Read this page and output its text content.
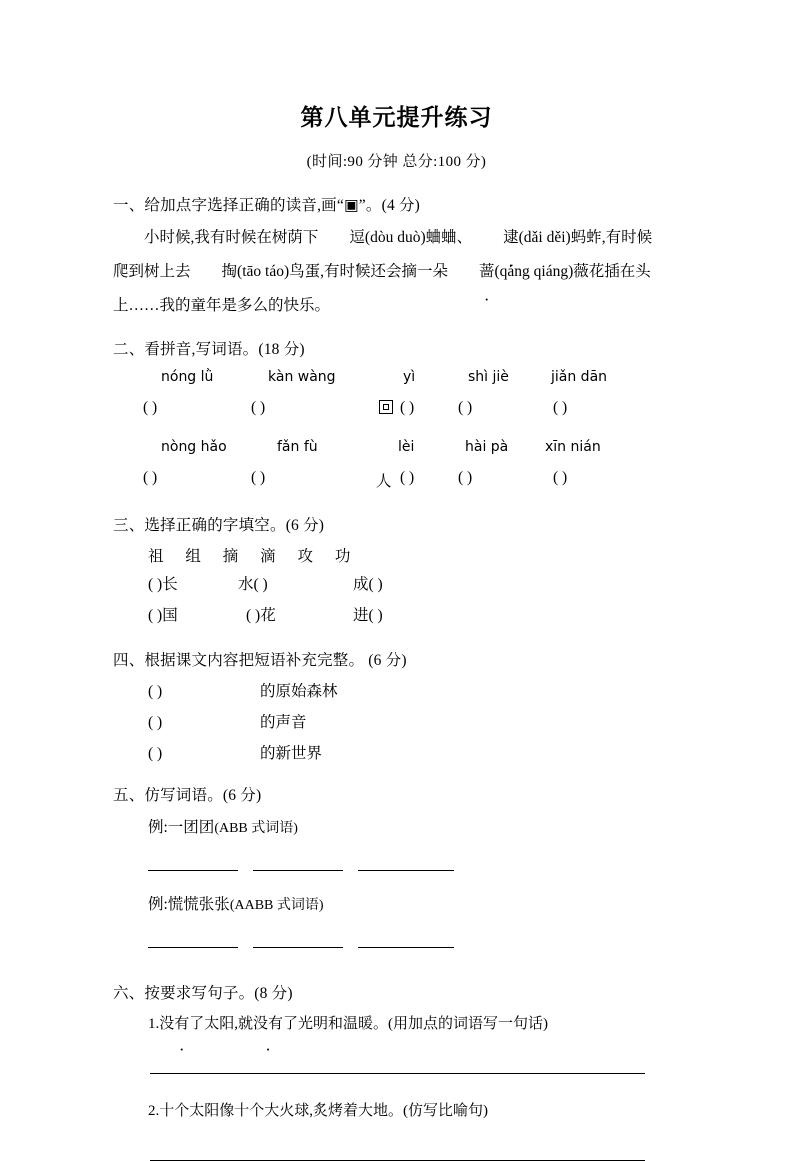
第八单元提升练习
(时间:90 分钟 总分:100 分)
一、给加点字选择正确的读音,画“▣”。(4 分)
小时候,我有时候在树荫下 逗(dòu duò)蛐蛐、 逮(dǎi děi)蚂蚱,有时候爬到树上去 掏(tāo táo)鸟蛋,有时候还会摘一朵 蔷(qáng qiáng)薇花插在头上……我的童年是多么的快乐。
二、看拼音,写词语。(18 分)
nóng lǜ	kàn wàng	yì	shì jiè	jiǎn dān
( )	( )	( )	( )	( )
nòng hǎo	fǎn fù	lèi	hài pà	xīn nián
( )	( )	人 ( )	( )	( )
三、选择正确的字填空。(6 分)
祖 组 摘 滴 攻 功
( )长	水( )	成( )
( )国	( )花	进( )
四、根据课文内容把短语补充完整。 (6 分)
( )	的原始森林
( )	的声音
( )	的新世界
五、仿写词语。(6 分)
例:一团团(ABB 式词语)
例:慌慌张张(AABB 式词语)
六、按要求写句子。(8 分)
1.没有了太阳,就没有了光明和温暖。(用加点的词语写一句话)
2.十个太阳像十个大火球,炙烤着大地。(仿写比喻句)
